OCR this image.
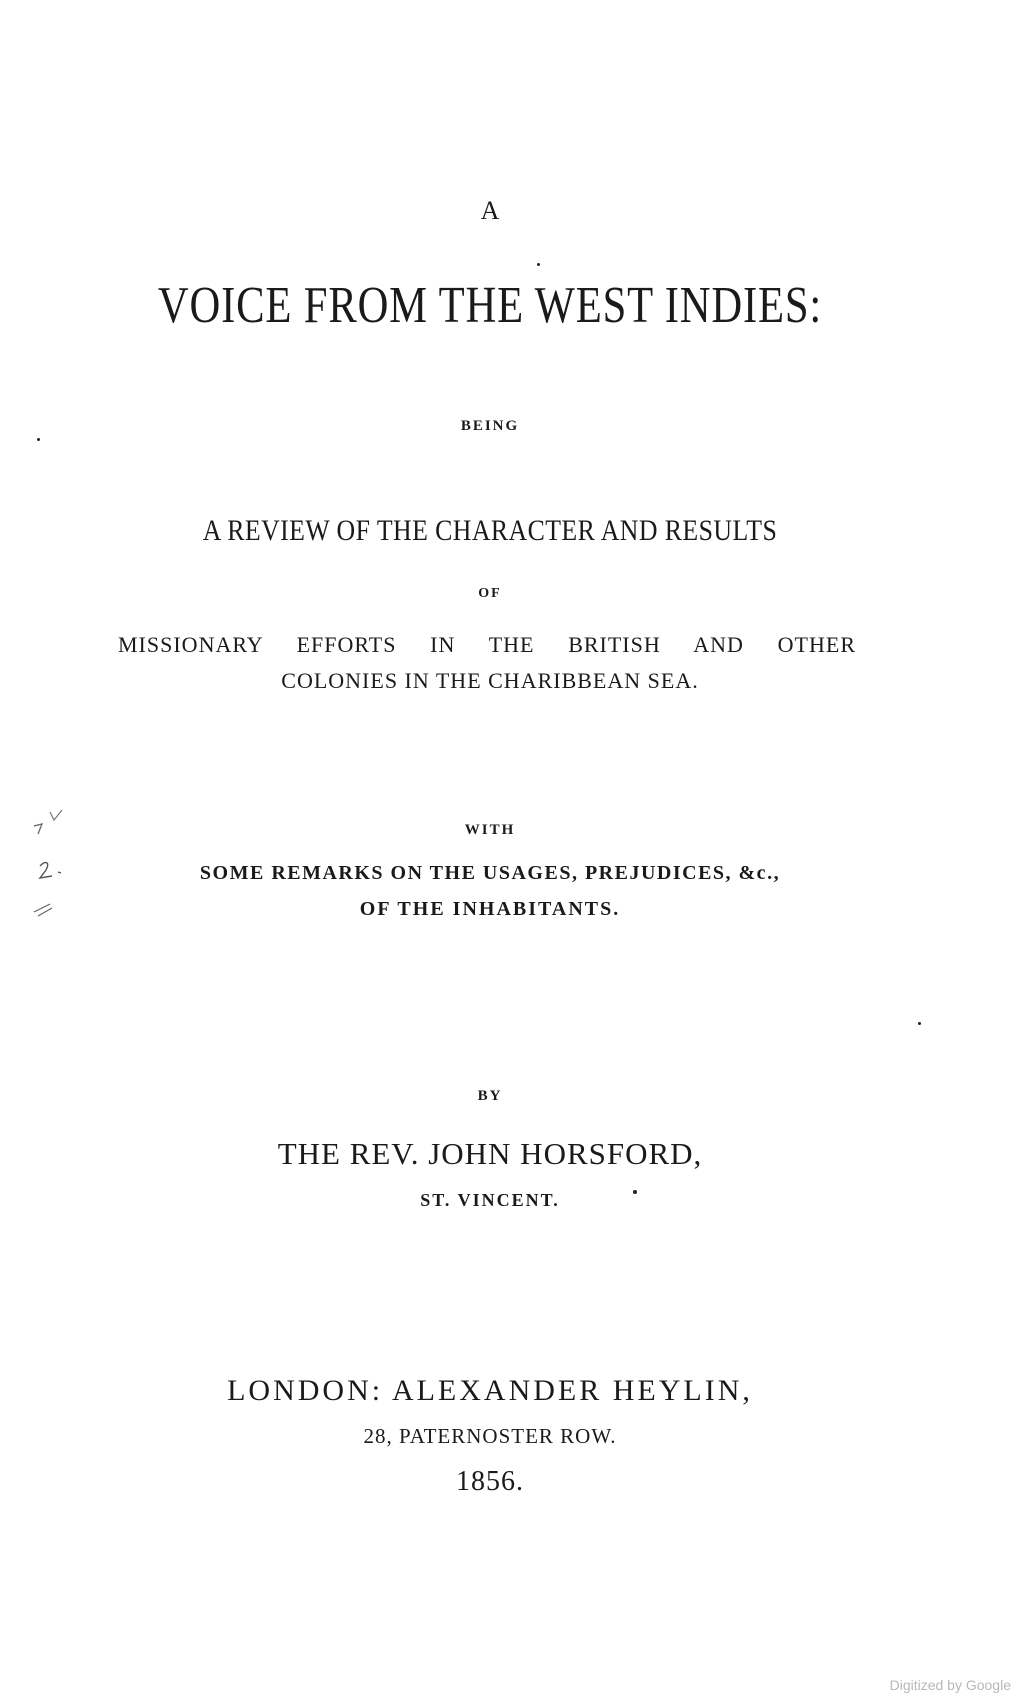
A
VOICE FROM THE WEST INDIES:
BEING
A REVIEW OF THE CHARACTER AND RESULTS
OF
MISSIONARY EFFORTS IN THE BRITISH AND OTHER
COLONIES IN THE CHARIBBEAN SEA.
WITH
SOME REMARKS ON THE USAGES, PREJUDICES, &c.,
OF THE INHABITANTS.
BY
THE REV. JOHN HORSFORD,
ST. VINCENT.
LONDON: ALEXANDER HEYLIN,
28, PATERNOSTER ROW.
1856.
Digitized by Google
